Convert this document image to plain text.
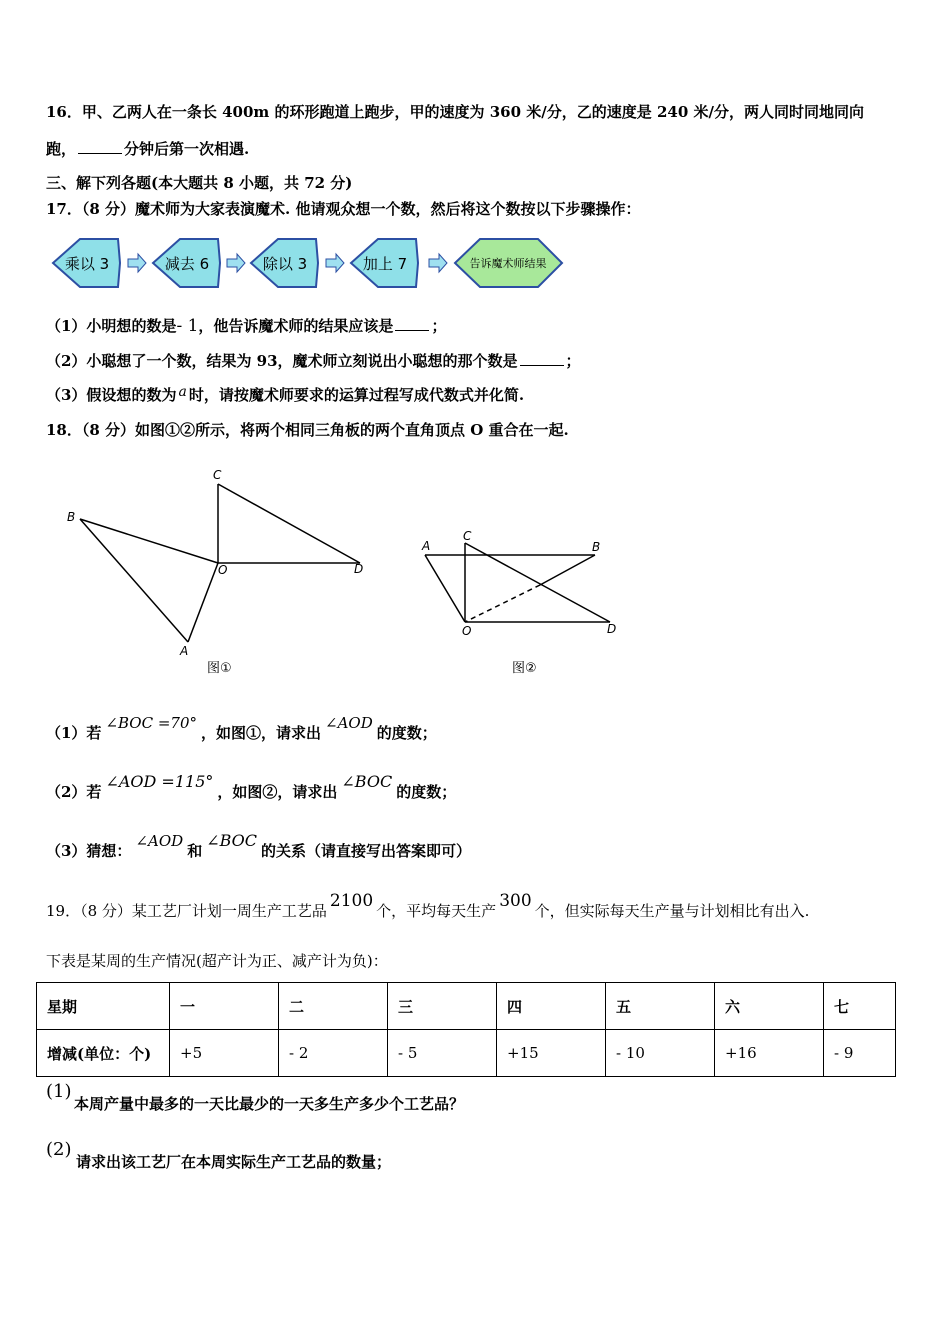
16．甲、乙两人在一条长 400m 的环形跑道上跑步，甲的速度为 360 米/分，乙的速度是 240 米/分，两人同时同地同向
跑，	分钟后第一次相遇.
三、解下列各题(本大题共 8 小题，共 72 分)
17．（8 分）魔术师为大家表演魔术. 他请观众想一个数，然后将这个数按以下步骤操作：
乘以 3	减去 6	除以 3	加上 7	告诉魔术师结果
（1）小明想的数是- 1，他告诉魔术师的结果应该是	；
（2）小聪想了一个数，结果为 93，魔术师立刻说出小聪想的那个数是	；
（3）假设想的数为 a 时，请按魔术师要求的运算过程写成代数式并化简.
18．（8 分）如图①②所示，将两个相同三角板的两个直角顶点 O 重合在一起.
C
B
O	D
A
A
C
B
O	D
图①	图②
（1）若∠BOC =70°，如图①，请求出∠AOD的度数；
（2）若∠AOD =115°，如图②，请求出∠BOC的度数；
（3）猜想：∠AOD和∠BOC的关系（请直接写出答案即可）
19．（8 分）某工艺厂计划一周生产工艺品 2100 个，平均每天生产 300 个，但实际每天生产量与计划相比有出入.
下表是某周的生产情况(超产计为正、减产计为负)：
星期	一	二	三	四	五	六	七
增减(单位：个)	+5	- 2	- 5	+15	- 10	+16	- 9
(1)
本周产量中最多的一天比最少的一天多生产多少个工艺品？
(2)
请求出该工艺厂在本周实际生产工艺品的数量；
